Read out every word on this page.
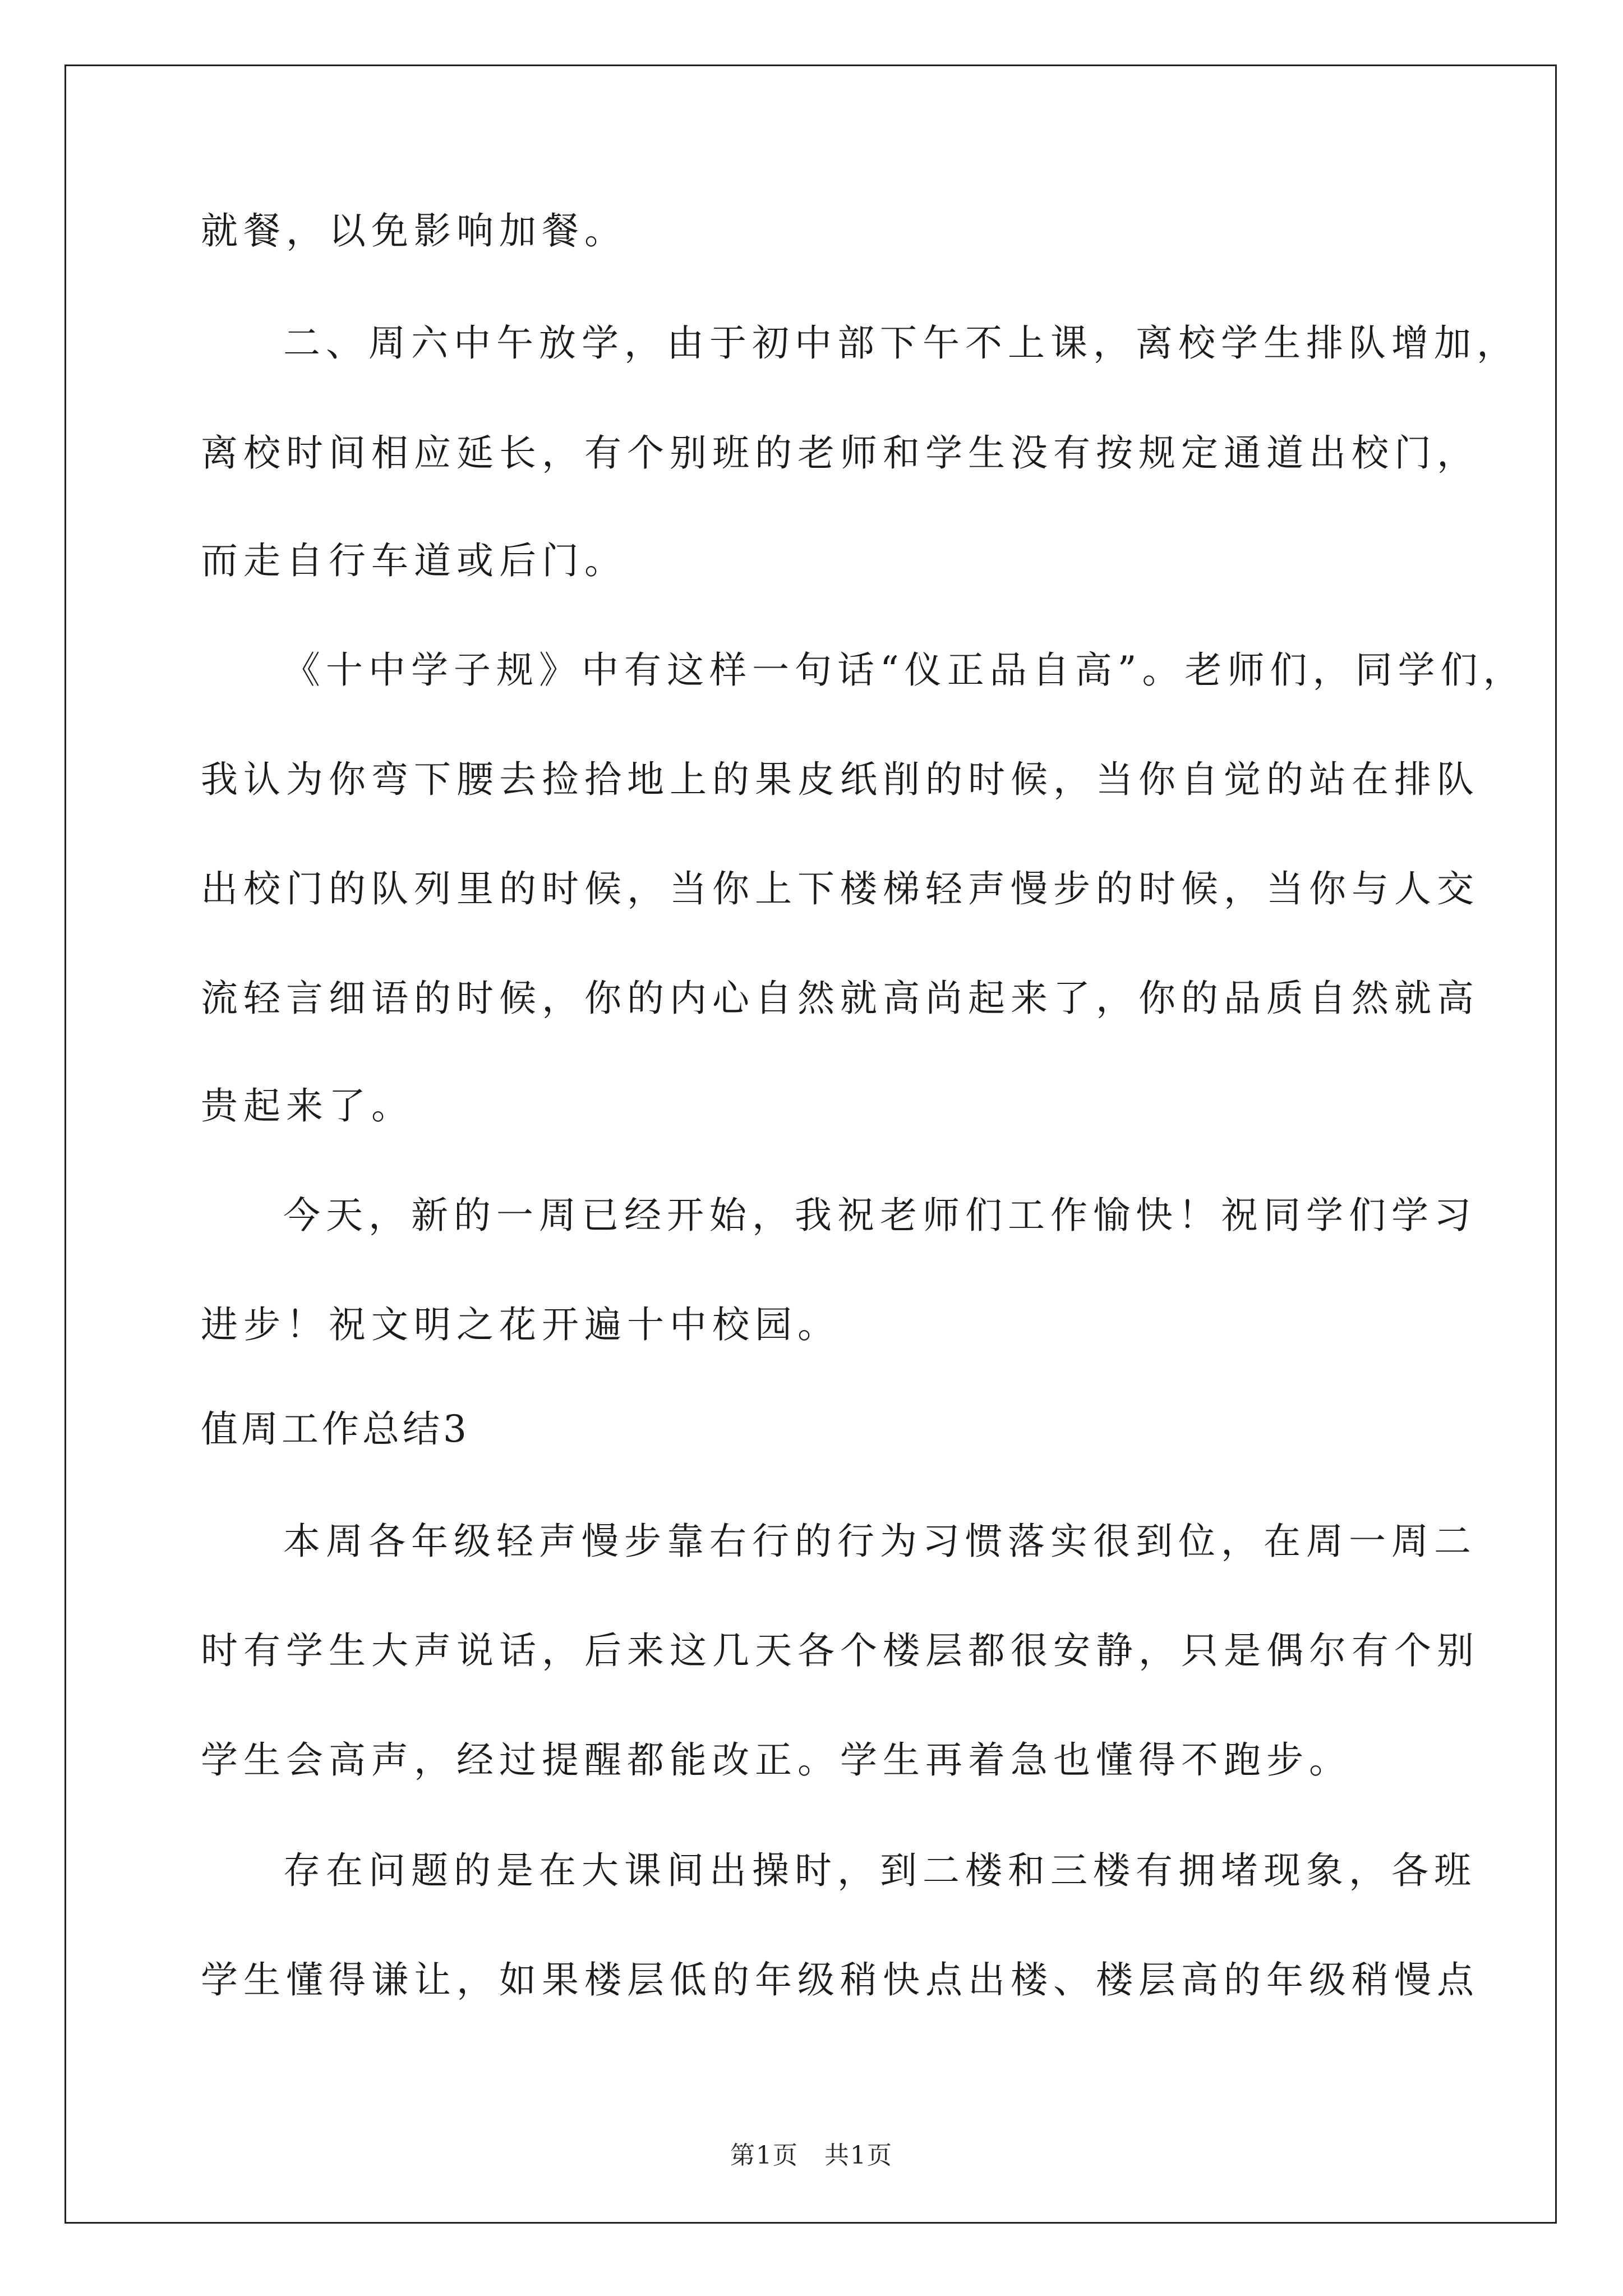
就餐，以免影响加餐。
二、周六中午放学，由于初中部下午不上课，离校学生排队增加，
离校时间相应延长，有个别班的老师和学生没有按规定通道出校门，
而走自行车道或后门。
《十中学子规》中有这样一句话“仪正品自高”。老师们，同学们，
我认为你弯下腰去捡拾地上的果皮纸削的时候，当你自觉的站在排队
出校门的队列里的时候，当你上下楼梯轻声慢步的时候，当你与人交
流轻言细语的时候，你的内心自然就高尚起来了，你的品质自然就高
贵起来了。
今天，新的一周已经开始，我祝老师们工作愉快！祝同学们学习
进步！祝文明之花开遍十中校园。
值周工作总结3
本周各年级轻声慢步靠右行的行为习惯落实很到位，在周一周二
时有学生大声说话，后来这几天各个楼层都很安静，只是偶尔有个别
学生会高声，经过提醒都能改正。学生再着急也懂得不跑步。
存在问题的是在大课间出操时，到二楼和三楼有拥堵现象，各班
学生懂得谦让，如果楼层低的年级稍快点出楼、楼层高的年级稍慢点
第1页　共1页
